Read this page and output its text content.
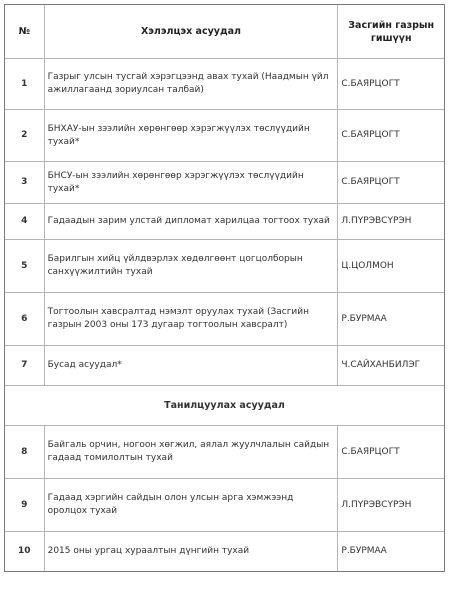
№	Хэлэлцэх асуудал	Засгийн газрын
гишүүн

1	Газрыг улсын тусгай хэрэгцээнд авах тухай (Наадмын үйл ажиллагаанд зориулсан талбай)	С.БАЯРЦОГТ
2	БНХАУ-ын зээлийн хөрөнгөөр хэрэгжүүлэх төслүүдийн тухай*	С.БАЯРЦОГТ
3	БНСУ-ын зээлийн хөрөнгөөр хэрэгжүүлэх төслүүдийн тухай*	С.БАЯРЦОГТ
4	Гадаадын зарим улстай дипломат харилцаа тогтоох тухай	Л.ПҮРЭВСҮРЭН
5	Барилгын хийц үйлдвэрлэх хөдөлгөөнт цогцолборын санхүүжилтийн тухай	Ц.ЦОЛМОН
6	Тогтоолын хавсралтад нэмэлт оруулах тухай (Засгийн газрын 2003 оны 173 дугаар тогтоолын хавсралт)	Р.БУРМАА
7	Бусад асуудал*	Ч.САЙХАНБИЛЭГ
Танилцуулах асуудал		
8	Байгаль орчин, ногоон хөгжил, аялал жуулчлалын сайдын гадаад томилолтын тухай	С.БАЯРЦОГТ
9	Гадаад хэргийн сайдын олон улсын арга хэмжээнд оролцох тухай	Л.ПҮРЭВСҮРЭН
10	2015 оны ургац хураалтын дүнгийн тухай	Р.БУРМАА
